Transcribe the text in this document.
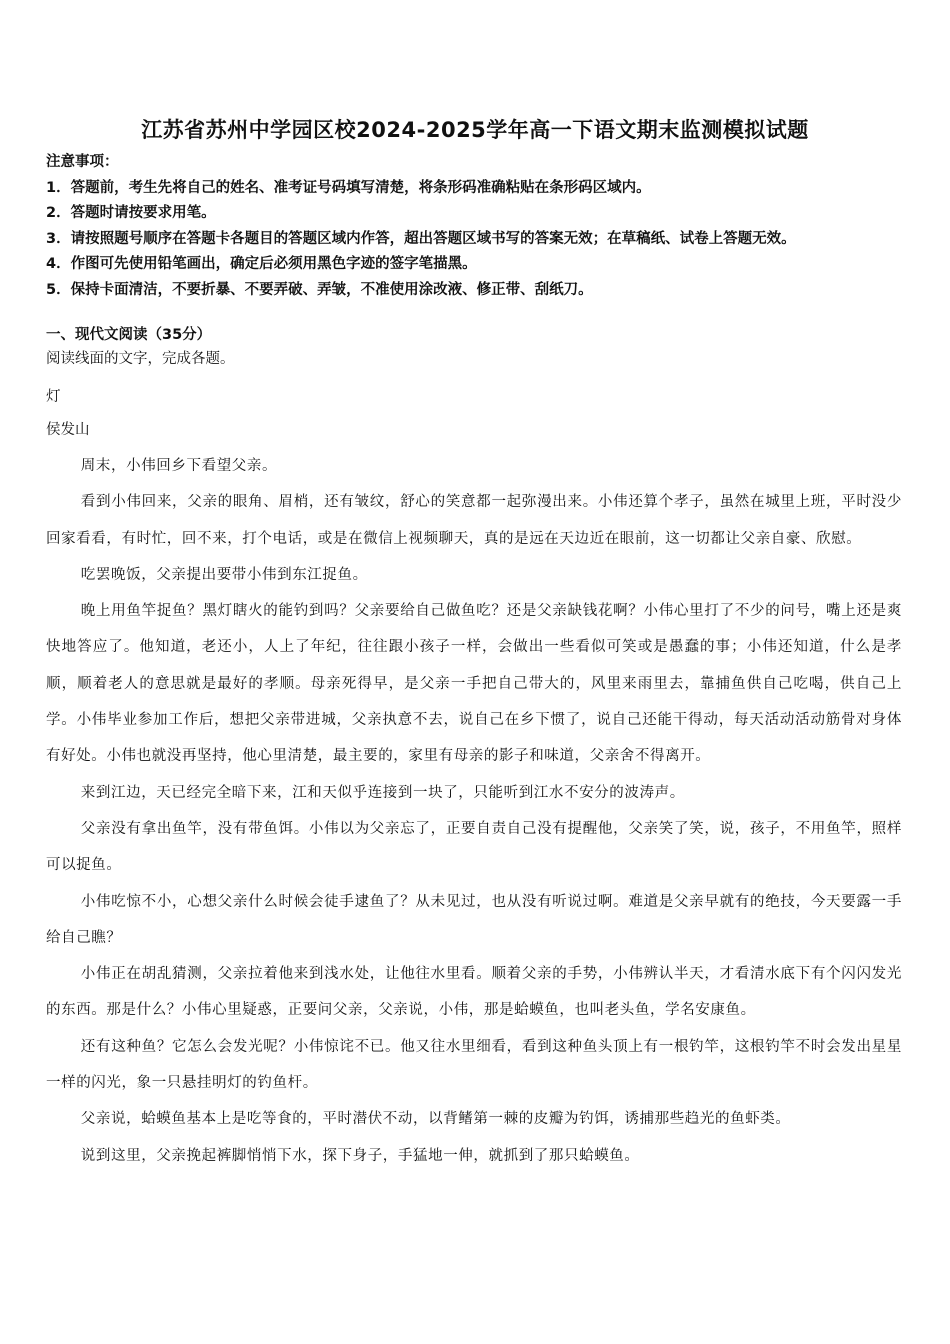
江苏省苏州中学园区校2024-2025学年高一下语文期末监测模拟试题
注意事项：
1．答题前，考生先将自己的姓名、准考证号码填写清楚，将条形码准确粘贴在条形码区域内。
2．答题时请按要求用笔。
3．请按照题号顺序在答题卡各题目的答题区域内作答，超出答题区域书写的答案无效；在草稿纸、试卷上答题无效。
4．作图可先使用铅笔画出，确定后必须用黑色字迹的签字笔描黑。
5．保持卡面清洁，不要折暴、不要弄破、弄皱，不准使用涂改液、修正带、刮纸刀。
一、现代文阅读（35分）
阅读线面的文字，完成各题。
灯
侯发山

周末，小伟回乡下看望父亲。

看到小伟回来，父亲的眼角、眉梢，还有皱纹，舒心的笑意都一起弥漫出来。小伟还算个孝子，虽然在城里上班，平时没少回家看看，有时忙，回不来，打个电话，或是在微信上视频聊天，真的是远在天边近在眼前，这一切都让父亲自豪、欣慰。

吃罢晚饭，父亲提出要带小伟到东江捉鱼。

晚上用鱼竿捉鱼？黑灯瞎火的能钓到吗？父亲要给自己做鱼吃？还是父亲缺钱花啊？小伟心里打了不少的问号，嘴上还是爽快地答应了。他知道，老还小，人上了年纪，往往跟小孩子一样，会做出一些看似可笑或是愚蠢的事；小伟还知道，什么是孝顺，顺着老人的意思就是最好的孝顺。母亲死得早，是父亲一手把自己带大的，风里来雨里去，靠捕鱼供自己吃喝，供自己上学。小伟毕业参加工作后，想把父亲带进城，父亲执意不去，说自己在乡下惯了，说自己还能干得动，每天活动活动筋骨对身体有好处。小伟也就没再坚持，他心里清楚，最主要的，家里有母亲的影子和味道，父亲舍不得离开。

来到江边，天已经完全暗下来，江和天似乎连接到一块了，只能听到江水不安分的波涛声。

父亲没有拿出鱼竿，没有带鱼饵。小伟以为父亲忘了，正要自责自己没有提醒他，父亲笑了笑，说，孩子，不用鱼竿，照样可以捉鱼。

小伟吃惊不小，心想父亲什么时候会徒手逮鱼了？从未见过，也从没有听说过啊。难道是父亲早就有的绝技，今天要露一手给自己瞧？

小伟正在胡乱猜测，父亲拉着他来到浅水处，让他往水里看。顺着父亲的手势，小伟辨认半天，才看清水底下有个闪闪发光的东西。那是什么？小伟心里疑惑，正要问父亲，父亲说，小伟，那是蛤蟆鱼，也叫老头鱼，学名安康鱼。

还有这种鱼？它怎么会发光呢？小伟惊诧不已。他又往水里细看，看到这种鱼头顶上有一根钓竿，这根钓竿不时会发出星星一样的闪光，象一只悬挂明灯的钓鱼杆。

父亲说，蛤蟆鱼基本上是吃等食的，平时潜伏不动，以背鳍第一棘的皮瓣为钓饵，诱捕那些趋光的鱼虾类。

说到这里，父亲挽起裤脚悄悄下水，探下身子，手猛地一伸，就抓到了那只蛤蟆鱼。
